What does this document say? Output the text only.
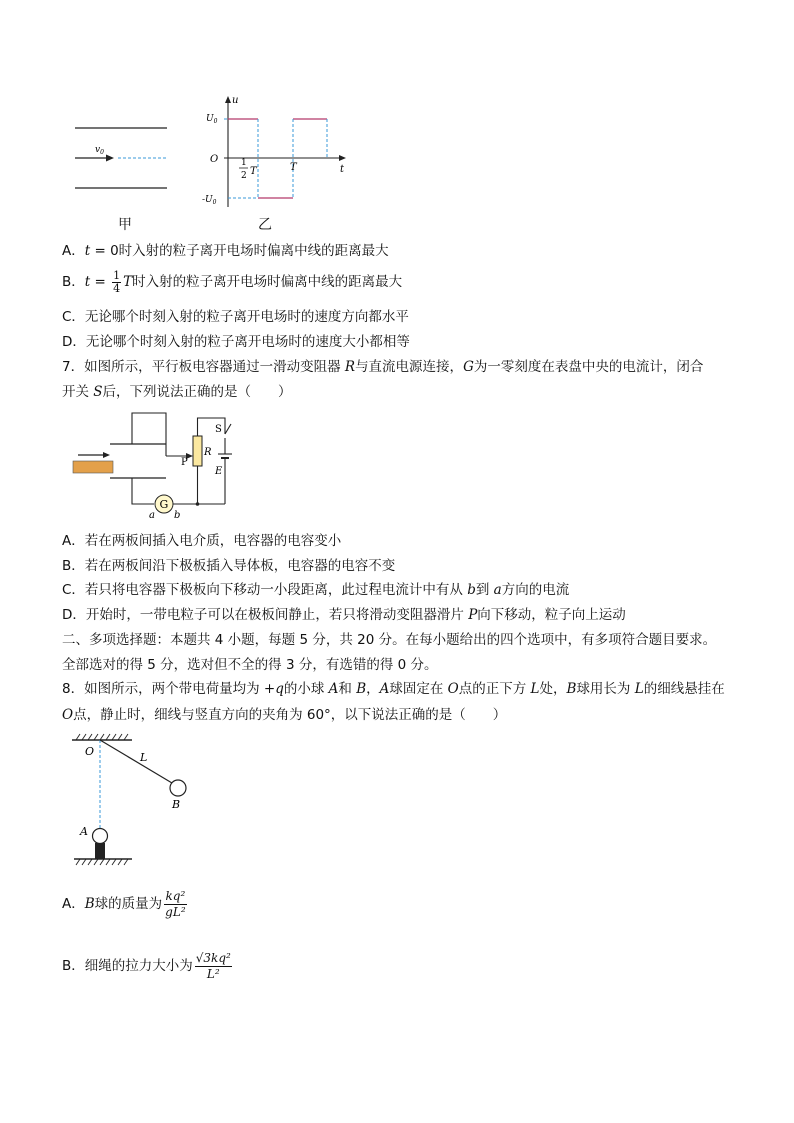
$v_0$
甲
u
t
O
$U_0$
$-U_0$
1
2 T	T
乙
A．t = 0时入射的粒子离开电场时偏离中线的距离最大
B．$t = \frac{1}{4}$ T时入射的粒子离开电场时偏离中线的距离最大
C．无论哪个时刻入射的粒子离开电场时的速度方向都水平
D．无论哪个时刻入射的粒子离开电场时的速度大小都相等
7．如图所示，平行板电容器通过一滑动变阻器 R与直流电源连接，G为一零刻度在表盘中央的电流计，闭合
开关 S后，下列说法正确的是（　　）
G
S
R
P
E
a b
A．若在两板间插入电介质，电容器的电容变小
B．若在两板间沿下极板插入导体板，电容器的电容不变
C．若只将电容器下极板向下移动一小段距离，此过程电流计中有从 b到 a方向的电流
D．开始时，一带电粒子可以在极板间静止，若只将滑动变阻器滑片 P向下移动，粒子向上运动
二、多项选择题：本题共 4 小题，每题 5 分，共 20 分。在每小题给出的四个选项中，有多项符合题目要求。
全部选对的得 5 分，选对但不全的得 3 分，有选错的得 0 分。
8．如图所示，两个带电荷量均为 +q的小球 A和 B，A球固定在 O点的正下方 L处，B球用长为 L的细线悬挂在
O点，静止时，细线与竖直方向的夹角为 60°，以下说法正确的是（　　）
O	L
B
A
A．B球的质量为 $\frac{\text{kq²}}{\text{gL²}}$
B．细绳的拉力大小为 $\frac{\text{√3kq²}}{\text{L²}}$
